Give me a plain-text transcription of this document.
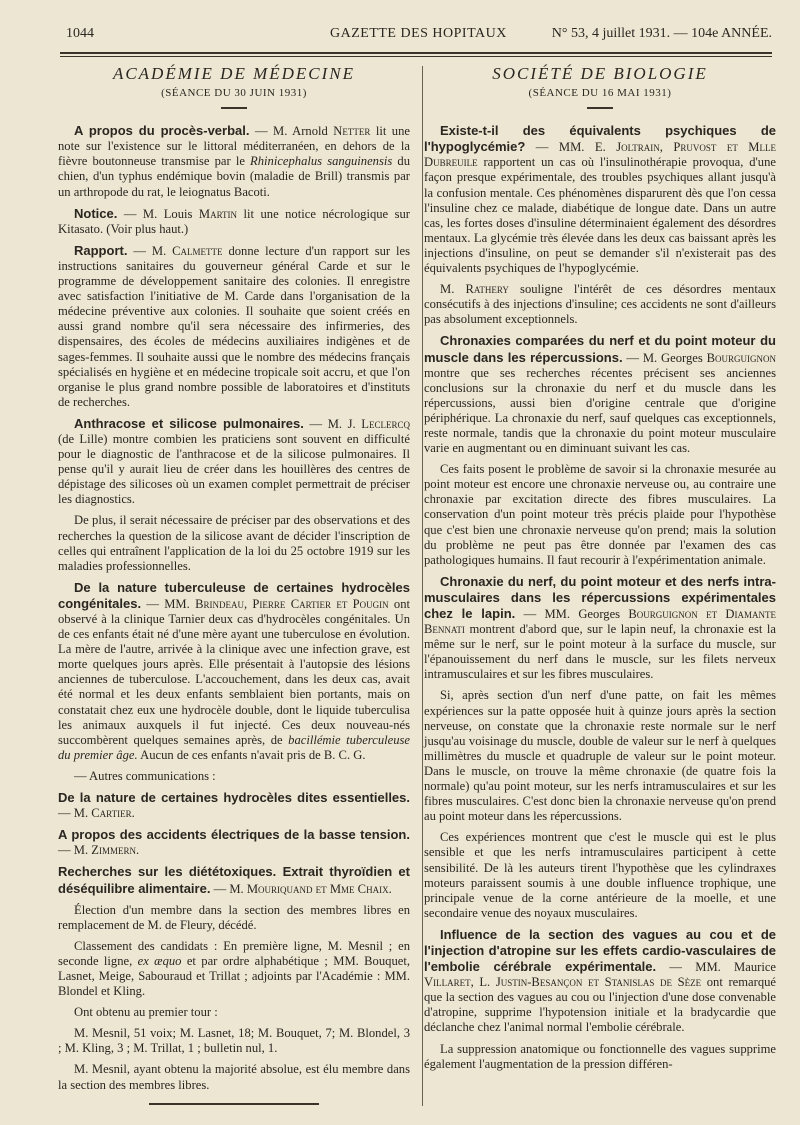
1044	GAZETTE DES HOPITAUX	N° 53, 4 juillet 1931. — 104e ANNÉE.
ACADÉMIE DE MÉDECINE
(SÉANCE DU 30 JUIN 1931)

A propos du procès-verbal. — M. Arnold Netter lit une note sur l'existence sur le littoral méditerranéen, en dehors de la fièvre boutonneuse transmise par le Rhinicephalus sanguinensis du chien, d'un typhus endémique bovin (maladie de Brill) transmis par un arthropode du rat, le leiognatus Bacoti.

Notice. — M. Louis Martin lit une notice nécrologique sur Kitasato. (Voir plus haut.)

Rapport. — M. Calmette donne lecture d'un rapport sur les instructions sanitaires du gouverneur général Carde et sur le programme de développement sanitaire des colonies. Il enregistre avec satisfaction l'initiative de M. Carde dans l'organisation de la médecine préventive aux colonies. Il souhaite que soient créés en aussi grand nombre qu'il sera nécessaire des infirmeries, des dispensaires, des écoles de médecins auxiliaires indigènes et de sages-femmes. Il souhaite aussi que le nombre des médecins français spécialisés en hygiène et en médecine tropicale soit accru, et que l'on organise le plus grand nombre possible de laboratoires et d'instituts de recherches.

Anthracose et silicose pulmonaires. — M. J. Leclercq (de Lille) montre combien les praticiens sont souvent en difficulté pour le diagnostic de l'anthracose et de la silicose pulmonaires. Il pense qu'il y aurait lieu de créer dans les houillères des centres de dépistage des silicoses où un examen complet permettrait de préciser les diagnostics.

De plus, il serait nécessaire de préciser par des observations et des recherches la question de la silicose avant de décider l'inscription de celles qui entraînent l'application de la loi du 25 octobre 1919 sur les maladies professionnelles.

De la nature tuberculeuse de certaines hydrocèles congénitales. — MM. Brindeau, Pierre Cartier et Pougin ont observé à la clinique Tarnier deux cas d'hydrocèles congénitales. Un de ces enfants était né d'une mère ayant une tuberculose en évolution. La mère de l'autre, arrivée à la clinique avec une infection grave, est morte quelques jours après. Elle présentait à l'autopsie des lésions anciennes de tuberculose. L'accouchement, dans les deux cas, avait été normal et les deux enfants semblaient bien portants, mais on constatait chez eux une hydrocèle double, dont le liquide tuberculisa les animaux auxquels il fut injecté. Ces deux nouveau-nés succombèrent quelques semaines après, de bacillémie tuberculeuse du premier âge. Aucun de ces enfants n'avait pris de B. C. G.

— Autres communications :

De la nature de certaines hydrocèles dites essentielles. — M. Cartier.

A propos des accidents électriques de la basse tension. — M. Zimmern.

Recherches sur les diététoxiques. Extrait thyroïdien et déséquilibre alimentaire. — M. Mouriquand et Mme Chaix.

Élection d'un membre dans la section des membres libres en remplacement de M. de Fleury, décédé.

Classement des candidats : En première ligne, M. Mesnil ; en seconde ligne, ex æquo et par ordre alphabétique ; MM. Bouquet, Lasnet, Meige, Sabouraud et Trillat ; adjoints par l'Académie : MM. Blondel et Kling.

Ont obtenu au premier tour :

M. Mesnil, 51 voix; M. Lasnet, 18; M. Bouquet, 7; M. Blondel, 3 ; M. Kling, 3 ; M. Trillat, 1 ; bulletin nul, 1.

M. Mesnil, ayant obtenu la majorité absolue, est élu membre dans la section des membres libres.

SOCIÉTÉ DE BIOLOGIE
(SÉANCE DU 16 MAI 1931)

Existe-t-il des équivalents psychiques de l'hypoglycémie? — MM. E. Joltrain, Pruvost et Mlle Dubreuile rapportent un cas où l'insulinothérapie provoqua, d'une façon presque expérimentale, des troubles psychiques allant jusqu'à la confusion mentale. Ces phénomènes disparurent dès que l'on cessa l'insuline chez ce malade, diabétique de longue date. Dans un autre cas, les fortes doses d'insuline déterminaient également des désordres mentaux. La glycémie très élevée dans les deux cas baissant après les injections d'insuline, on peut se demander s'il n'existerait pas des équivalents psychiques de l'hypoglycémie.

M. Rathery souligne l'intérêt de ces désordres mentaux consécutifs à des injections d'insuline; ces accidents ne sont d'ailleurs pas absolument exceptionnels.

Chronaxies comparées du nerf et du point moteur du muscle dans les répercussions. — M. Georges Bourguignon montre que ses recherches récentes précisent ses anciennes conclusions sur la chronaxie du nerf et du muscle dans les répercussions, aussi bien d'origine centrale que d'origine périphérique. La chronaxie du nerf, sauf quelques cas exceptionnels, reste normale, tandis que la chronaxie du point moteur musculaire varie en augmentant ou en diminuant suivant les cas.

Ces faits posent le problème de savoir si la chronaxie mesurée au point moteur est encore une chronaxie nerveuse ou, au contraire une chronaxie par excitation directe des fibres musculaires. La conservation d'un point moteur très précis plaide pour l'hypothèse que c'est bien une chronaxie nerveuse qu'on prend; mais la solution du problème ne peut pas être donnée par l'examen des cas pathologiques humains. Il faut recourir à l'expérimentation animale.

Chronaxie du nerf, du point moteur et des nerfs intra-musculaires dans les répercussions expérimentales chez le lapin. — MM. Georges Bourguignon et Diamante Bennati montrent d'abord que, sur le lapin neuf, la chronaxie est la même sur le nerf, sur le point moteur à la surface du muscle, sur l'épanouissement du nerf dans le muscle, sur les filets nerveux intramusculaires et sur les fibres musculaires.

Si, après section d'un nerf d'une patte, on fait les mêmes expériences sur la patte opposée huit à quinze jours après la section nerveuse, on constate que la chronaxie reste normale sur le nerf jusqu'au voisinage du muscle, double de valeur sur le nerf à quelques millimètres du muscle et quadruple de valeur sur le point moteur. Dans le muscle, on trouve la même chronaxie (de quatre fois la normale) qu'au point moteur, sur les nerfs intramusculaires et sur les fibres musculaires. C'est donc bien la chronaxie nerveuse qu'on prend au point moteur dans les répercussions.

Ces expériences montrent que c'est le muscle qui est le plus sensible et que les nerfs intramusculaires participent à cette sensibilité. De là les auteurs tirent l'hypothèse que les cylindraxes moteurs paraissent soumis à une double influence trophique, une principale venue de la corne antérieure de la moelle, et une secondaire venue des noyaux musculaires.

Influence de la section des vagues au cou et de l'injection d'atropine sur les effets cardio-vasculaires de l'embolie cérébrale expérimentale. — MM. Maurice Villaret, L. Justin-Besançon et Stanislas de Sèze ont remarqué que la section des vagues au cou ou l'injection d'une dose convenable d'atropine, supprime l'hypotension initiale et la bradycardie que déclanche chez l'animal normal l'embolie cérébrale.

La suppression anatomique ou fonctionnelle des vagues supprime également l'augmentation de la pression différen-
